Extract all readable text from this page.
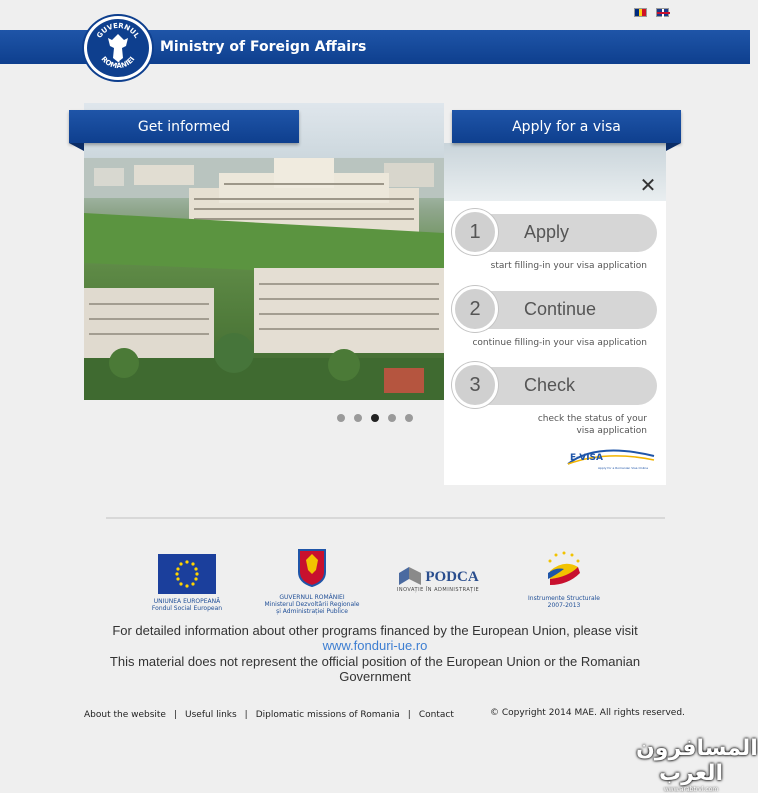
GUVERNUL
ROMÂNIEI
Ministry of Foreign Affairs
Get informed	Apply for a visa
✕
Apply
1
start filling-in your visa application
Continue
2
continue filling-in your visa application
Check
3
check the status of your visa application
E-VISA
Apply for a Romanian Visa Online
UNIUNEA EUROPEANĂ
Fondul Social European
GUVERNUL ROMÂNIEI
Ministerul Dezvoltării Regionale
și Administrației Publice
PODCA
INOVAȚIE ÎN ADMINISTRAȚIE
Instrumente Structurale
2007-2013
For detailed information about other programs financed by the European Union, please visit
www.fonduri-ue.ro
This material does not represent the official position of the European Union or the Romanian Government
About the website | Useful links | Diplomatic missions of Romania | Contact	© Copyright 2014 MAE. All rights reserved.
المسافرون العرب
www.arabtrvl.com
